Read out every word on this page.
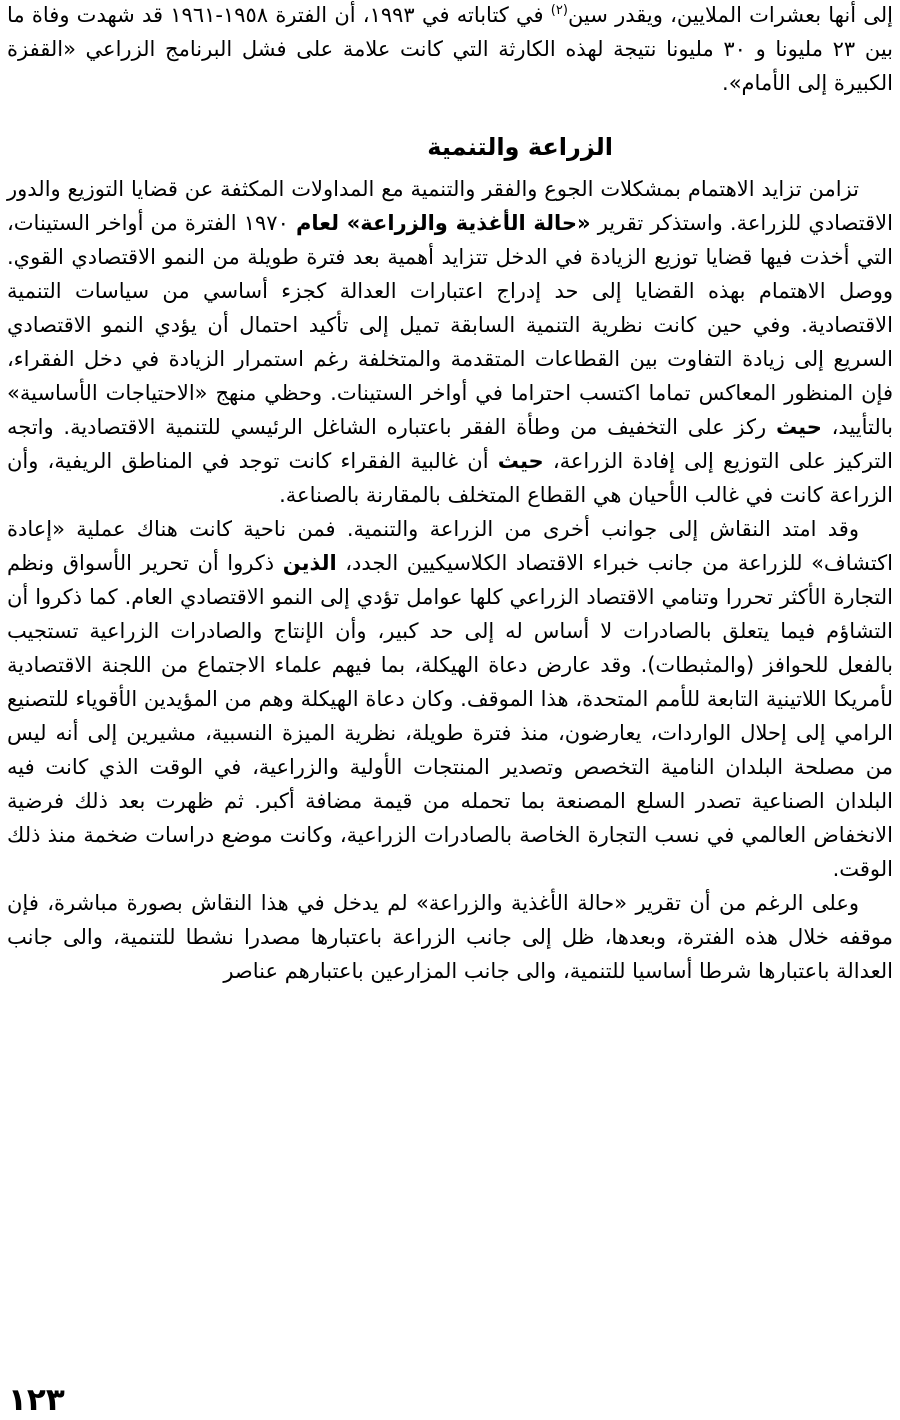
إلى أنها بعشرات الملايين، ويقدر سين$^{(٢)}$ في كتاباته في ١٩٩٣، أن الفترة ١٩٥٨-١٩٦١ قد شهدت وفاة ما بين ٢٣ مليونا و ٣٠ مليونا نتيجة لهذه الكارثة التي كانت علامة على فشل البرنامج الزراعي «القفزة الكبيرة إلى الأمام».

الزراعة والتنمية

تزامن تزايد الاهتمام بمشكلات الجوع والفقر والتنمية مع المداولات المكثفة عن قضايا التوزيع والدور الاقتصادي للزراعة. واستذكر تقرير «حالة الأغذية والزراعة» لعام ١٩٧٠ الفترة من أواخر الستينات، التي أخذت فيها قضايا توزيع الزيادة في الدخل تتزايد أهمية بعد فترة طويلة من النمو الاقتصادي القوي. ووصل الاهتمام بهذه القضايا إلى حد إدراج اعتبارات العدالة كجزء أساسي من سياسات التنمية الاقتصادية. وفي حين كانت نظرية التنمية السابقة تميل إلى تأكيد احتمال أن يؤدي النمو الاقتصادي السريع إلى زيادة التفاوت بين القطاعات المتقدمة والمتخلفة رغم استمرار الزيادة في دخل الفقراء، فإن المنظور المعاكس تماما اكتسب احتراما في أواخر الستينات. وحظي منهج «الاحتياجات الأساسية» بالتأييد، حيث ركز على التخفيف من وطأة الفقر باعتباره الشاغل الرئيسي للتنمية الاقتصادية. واتجه التركيز على التوزيع إلى إفادة الزراعة، حيث أن غالبية الفقراء كانت توجد في المناطق الريفية، وأن الزراعة كانت في غالب الأحيان هي القطاع المتخلف بالمقارنة بالصناعة.

وقد امتد النقاش إلى جوانب أخرى من الزراعة والتنمية. فمن ناحية كانت هناك عملية «إعادة اكتشاف» للزراعة من جانب خبراء الاقتصاد الكلاسيكيين الجدد، الذين ذكروا أن تحرير الأسواق ونظم التجارة الأكثر تحررا وتنامي الاقتصاد الزراعي كلها عوامل تؤدي إلى النمو الاقتصادي العام. كما ذكروا أن التشاؤم فيما يتعلق بالصادرات لا أساس له إلى حد كبير، وأن الإنتاج والصادرات الزراعية تستجيب بالفعل للحوافز (والمثبطات). وقد عارض دعاة الهيكلة، بما فيهم علماء الاجتماع من اللجنة الاقتصادية لأمريكا اللاتينية التابعة للأمم المتحدة، هذا الموقف. وكان دعاة الهيكلة وهم من المؤيدين الأقوياء للتصنيع الرامي إلى إحلال الواردات، يعارضون، منذ فترة طويلة، نظرية الميزة النسبية، مشيرين إلى أنه ليس من مصلحة البلدان النامية التخصص وتصدير المنتجات الأولية والزراعية، في الوقت الذي كانت فيه البلدان الصناعية تصدر السلع المصنعة بما تحمله من قيمة مضافة أكبر. ثم ظهرت بعد ذلك فرضية الانخفاض العالمي في نسب التجارة الخاصة بالصادرات الزراعية، وكانت موضع دراسات ضخمة منذ ذلك الوقت.

وعلى الرغم من أن تقرير «حالة الأغذية والزراعة» لم يدخل في هذا النقاش بصورة مباشرة، فإن موقفه خلال هذه الفترة، وبعدها، ظل إلى جانب الزراعة باعتبارها مصدرا نشطا للتنمية، والى جانب العدالة باعتبارها شرطا أساسيا للتنمية، والى جانب المزارعين باعتبارهم عناصر

١٢٣
